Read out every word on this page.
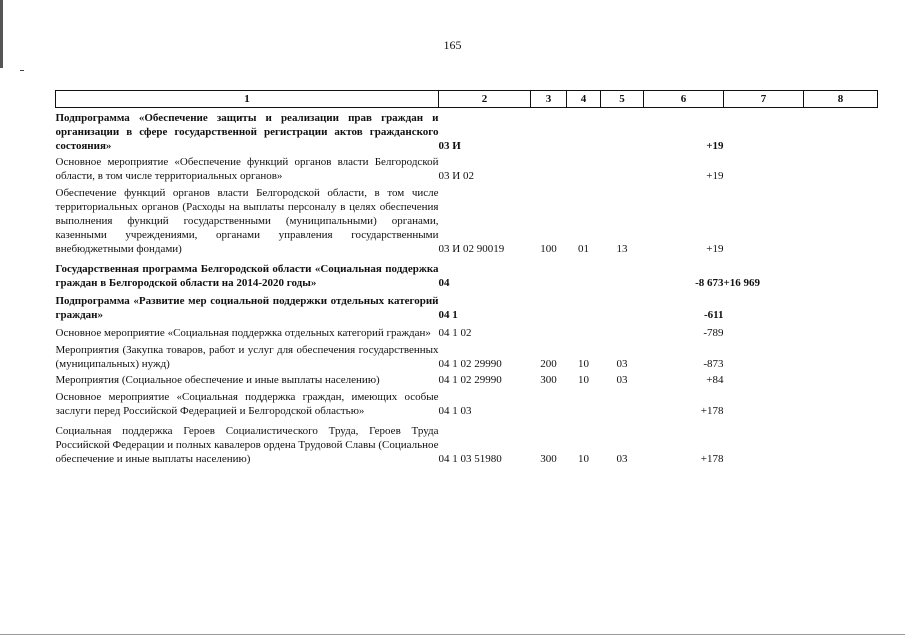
165
1	2	3	4	5	6	7	8
Подпрограмма «Обеспечение защиты и реализации прав граждан и организации в сфере государственной регистрации актов гражданского состояния»	03 И				+19		
Основное мероприятие «Обеспечение функций органов власти Белгородской области, в том числе территориальных органов»	03 И 02				+19		
Обеспечение функций органов власти Белгородской области, в том числе территориальных органов (Расходы на выплаты персоналу в целях обеспечения выполнения функций государственными (муниципальными) органами, казенными учреждениями, органами управления государственными внебюджетными фондами)	03 И 02 90019	100	01	13	+19		
Государственная программа Белгородской области «Социальная поддержка граждан в Белгородской области на 2014-2020 годы»	04				-8 673	+16 969	
Подпрограмма «Развитие мер социальной поддержки отдельных категорий граждан»	04 1				-611		
Основное мероприятие «Социальная поддержка отдельных категорий граждан»	04 1 02				-789		
Мероприятия (Закупка товаров, работ и услуг для обеспечения государственных (муниципальных) нужд)	04 1 02 29990	200	10	03	-873		
Мероприятия (Социальное обеспечение и иные выплаты населению)	04 1 02 29990	300	10	03	+84		
Основное мероприятие «Социальная поддержка граждан, имеющих особые заслуги перед Российской Федерацией и Белгородской областью»	04 1 03				+178		
Социальная поддержка Героев Социалистического Труда, Героев Труда Российской Федерации и полных кавалеров ордена Трудовой Славы (Социальное обеспечение и иные выплаты населению)	04 1 03 51980	300	10	03	+178		
